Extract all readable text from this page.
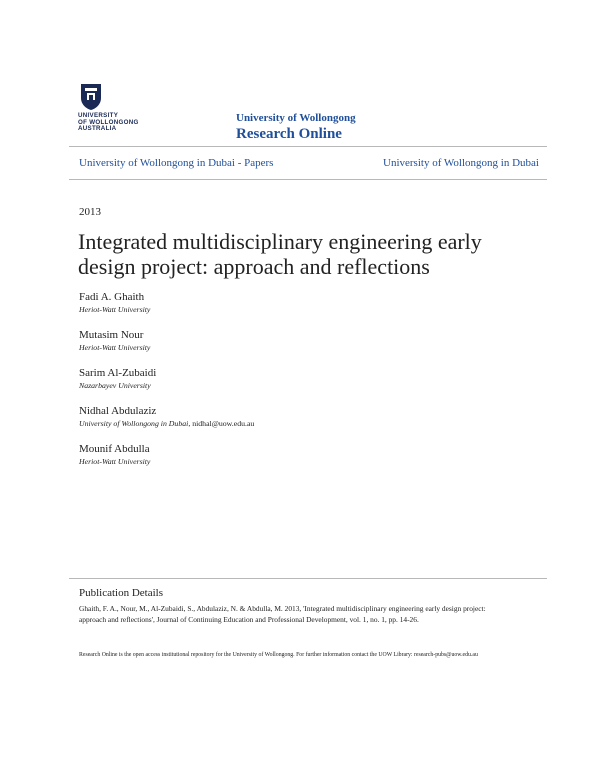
UNIVERSITY
OF WOLLONGONG
AUSTRALIA
University of Wollongong
Research Online
University of Wollongong in Dubai - Papers	University of Wollongong in Dubai
2013
Integrated multidisciplinary engineering early design project: approach and reflections
Fadi A. Ghaith
Heriot-Watt University
Mutasim Nour
Heriot-Watt University
Sarim Al-Zubaidi
Nazarbayev University
Nidhal Abdulaziz
University of Wollongong in Dubai, nidhal@uow.edu.au
Mounif Abdulla
Heriot-Watt University
Publication Details
Ghaith, F. A., Nour, M., Al-Zubaidi, S., Abdulaziz, N. & Abdulla, M. 2013, 'Integrated multidisciplinary engineering early design project: approach and reflections', Journal of Continuing Education and Professional Development, vol. 1, no. 1, pp. 14-26.
Research Online is the open access institutional repository for the University of Wollongong. For further information contact the UOW Library: research-pubs@uow.edu.au
